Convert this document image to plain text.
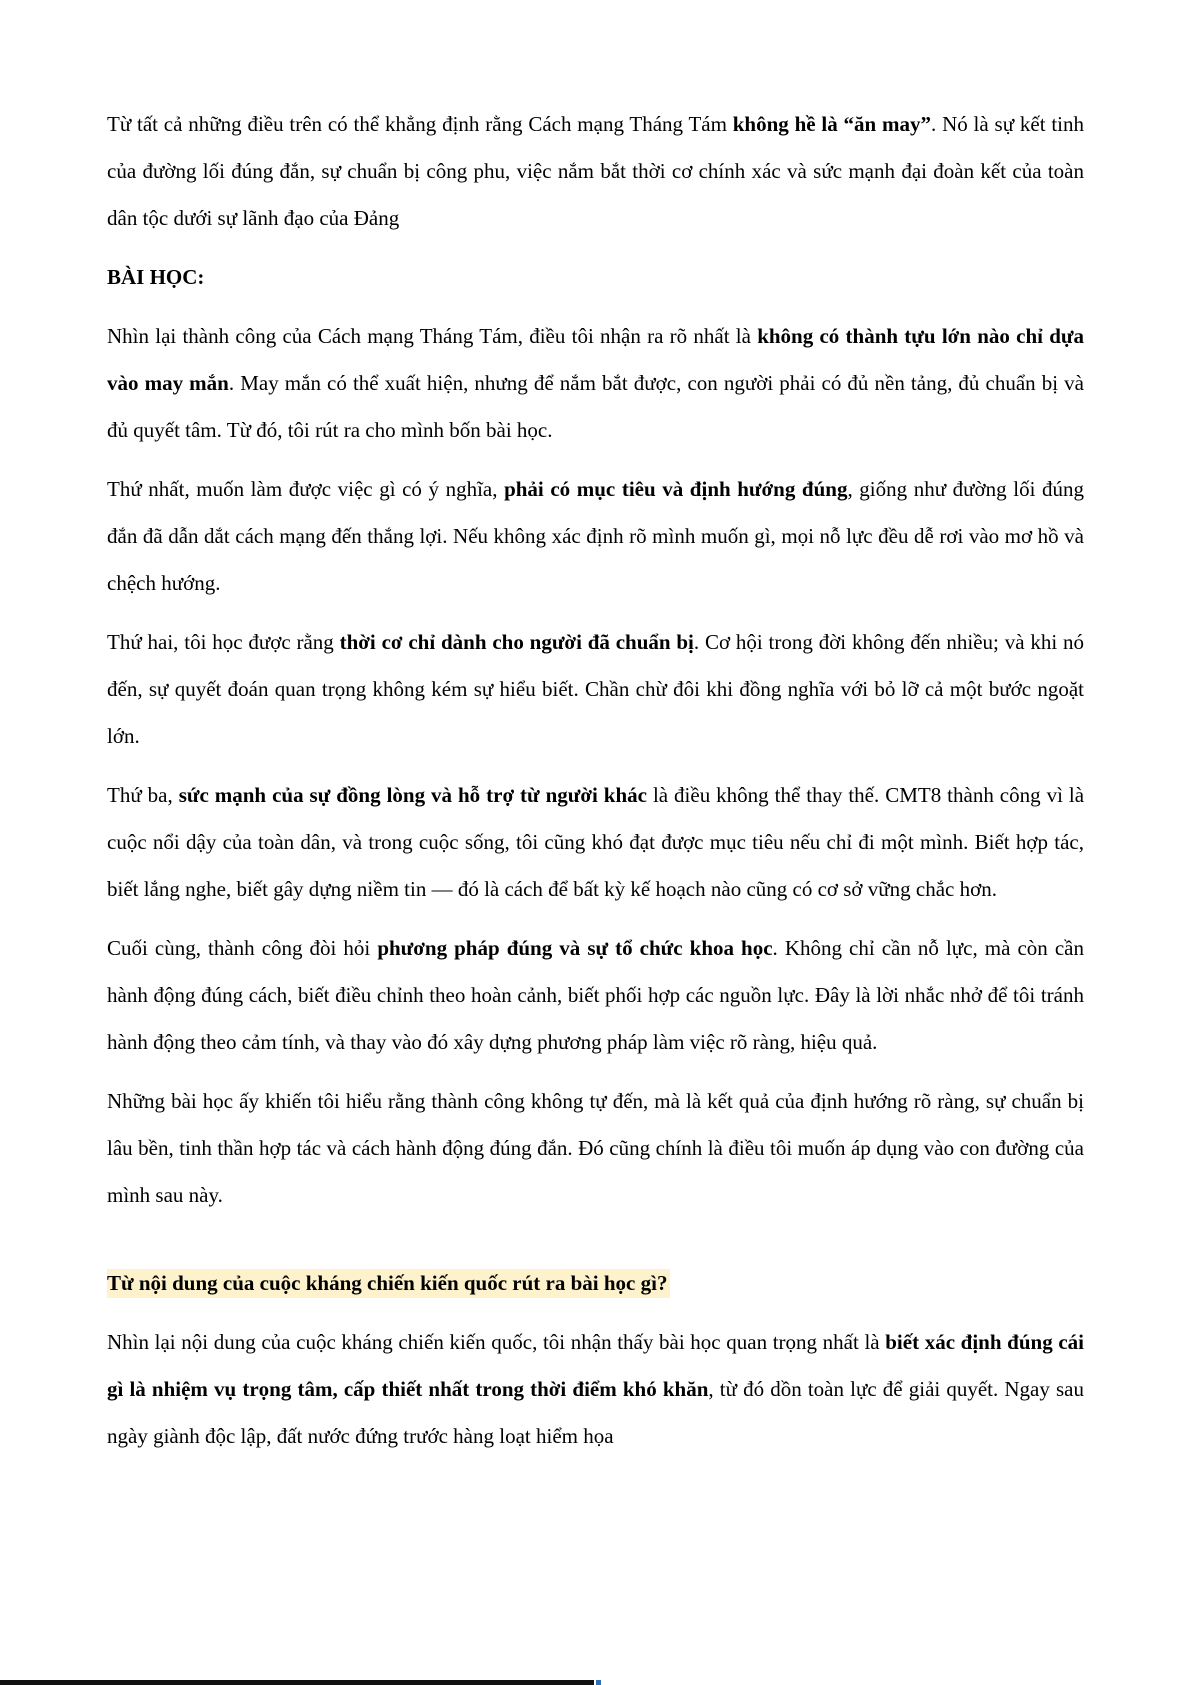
Từ tất cả những điều trên có thể khẳng định rằng Cách mạng Tháng Tám không hề là “ăn may”. Nó là sự kết tinh của đường lối đúng đắn, sự chuẩn bị công phu, việc nắm bắt thời cơ chính xác và sức mạnh đại đoàn kết của toàn dân tộc dưới sự lãnh đạo của Đảng

BÀI HỌC:

Nhìn lại thành công của Cách mạng Tháng Tám, điều tôi nhận ra rõ nhất là không có thành tựu lớn nào chỉ dựa vào may mắn. May mắn có thể xuất hiện, nhưng để nắm bắt được, con người phải có đủ nền tảng, đủ chuẩn bị và đủ quyết tâm. Từ đó, tôi rút ra cho mình bốn bài học.

Thứ nhất, muốn làm được việc gì có ý nghĩa, phải có mục tiêu và định hướng đúng, giống như đường lối đúng đắn đã dẫn dắt cách mạng đến thắng lợi. Nếu không xác định rõ mình muốn gì, mọi nỗ lực đều dễ rơi vào mơ hồ và chệch hướng.

Thứ hai, tôi học được rằng thời cơ chỉ dành cho người đã chuẩn bị. Cơ hội trong đời không đến nhiều; và khi nó đến, sự quyết đoán quan trọng không kém sự hiểu biết. Chần chừ đôi khi đồng nghĩa với bỏ lỡ cả một bước ngoặt lớn.

Thứ ba, sức mạnh của sự đồng lòng và hỗ trợ từ người khác là điều không thể thay thế. CMT8 thành công vì là cuộc nổi dậy của toàn dân, và trong cuộc sống, tôi cũng khó đạt được mục tiêu nếu chỉ đi một mình. Biết hợp tác, biết lắng nghe, biết gây dựng niềm tin — đó là cách để bất kỳ kế hoạch nào cũng có cơ sở vững chắc hơn.

Cuối cùng, thành công đòi hỏi phương pháp đúng và sự tổ chức khoa học. Không chỉ cần nỗ lực, mà còn cần hành động đúng cách, biết điều chỉnh theo hoàn cảnh, biết phối hợp các nguồn lực. Đây là lời nhắc nhở để tôi tránh hành động theo cảm tính, và thay vào đó xây dựng phương pháp làm việc rõ ràng, hiệu quả.

Những bài học ấy khiến tôi hiểu rằng thành công không tự đến, mà là kết quả của định hướng rõ ràng, sự chuẩn bị lâu bền, tinh thần hợp tác và cách hành động đúng đắn. Đó cũng chính là điều tôi muốn áp dụng vào con đường của mình sau này.

Từ nội dung của cuộc kháng chiến kiến quốc rút ra bài học gì?

Nhìn lại nội dung của cuộc kháng chiến kiến quốc, tôi nhận thấy bài học quan trọng nhất là biết xác định đúng cái gì là nhiệm vụ trọng tâm, cấp thiết nhất trong thời điểm khó khăn, từ đó dồn toàn lực để giải quyết. Ngay sau ngày giành độc lập, đất nước đứng trước hàng loạt hiểm họa
